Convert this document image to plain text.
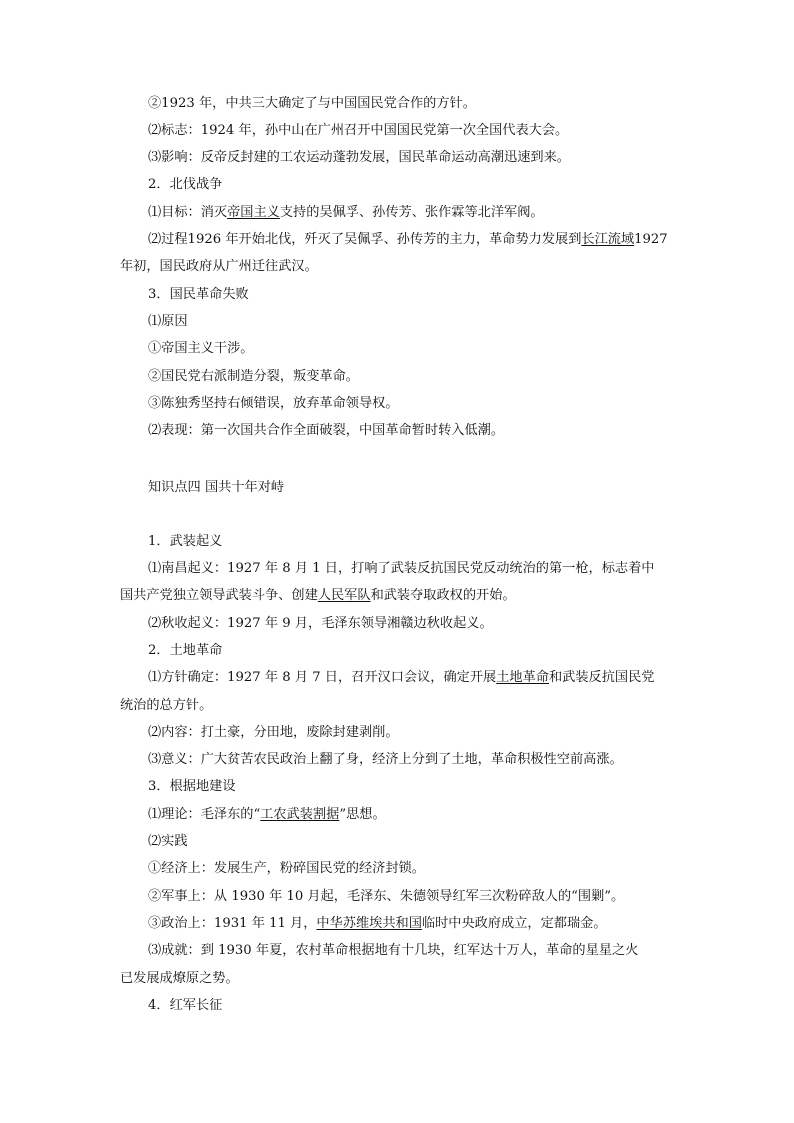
②1923 年，中共三大确定了与中国国民党合作的方针。
⑵标志：1924 年，孙中山在广州召开中国国民党第一次全国代表大会。
⑶影响：反帝反封建的工农运动蓬勃发展，国民革命运动高潮迅速到来。
2．北伐战争
⑴目标：消灭帝国主义支持的吴佩孚、孙传芳、张作霖等北洋军阀。
⑵过程1926 年开始北伐，歼灭了吴佩孚、孙传芳的主力，革命势力发展到长江流域1927
年初，国民政府从广州迁往武汉。
3．国民革命失败
⑴原因
①帝国主义干涉。
②国民党右派制造分裂，叛变革命。
③陈独秀坚持右倾错误，放弃革命领导权。
⑵表现：第一次国共合作全面破裂，中国革命暂时转入低潮。
知识点四 国共十年对峙
1．武装起义
⑴南昌起义：1927 年 8 月 1 日，打响了武装反抗国民党反动统治的第一枪，标志着中
国共产党独立领导武装斗争、创建人民军队和武装夺取政权的开始。
⑵秋收起义：1927 年 9 月，毛泽东领导湘赣边秋收起义。
2．土地革命
⑴方针确定：1927 年 8 月 7 日，召开汉口会议，确定开展土地革命和武装反抗国民党
统治的总方针。
⑵内容：打土豪，分田地，废除封建剥削。
⑶意义：广大贫苦农民政治上翻了身，经济上分到了土地，革命积极性空前高涨。
3．根据地建设
⑴理论：毛泽东的“工农武装割据”思想。
⑵实践
①经济上：发展生产，粉碎国民党的经济封锁。
②军事上：从 1930 年 10 月起，毛泽东、朱德领导红军三次粉碎敌人的“围剿”。
③政治上：1931 年 11 月，中华苏维埃共和国临时中央政府成立，定都瑞金。
⑶成就：到 1930 年夏，农村革命根据地有十几块，红军达十万人，革命的星星之火
已发展成燎原之势。
4．红军长征
